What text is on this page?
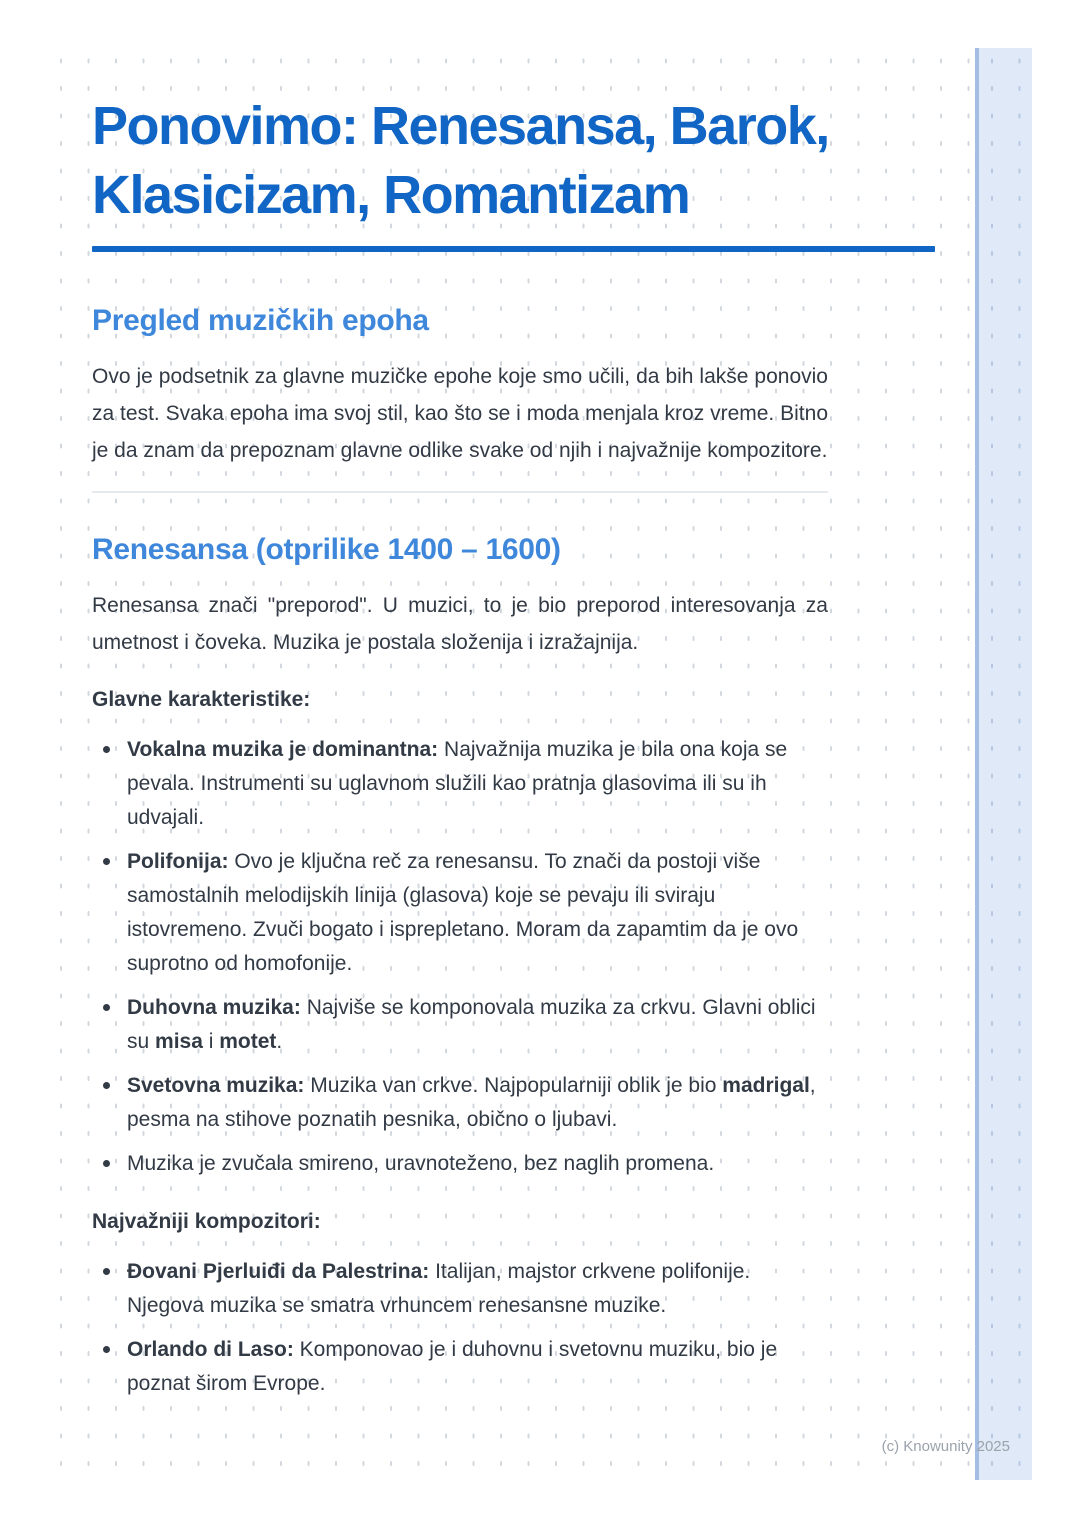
Ponovimo: Renesansa, Barok,
Klasicizam, Romantizam
Pregled muzičkih epoha

Ovo je podsetnik za glavne muzičke epohe koje smo učili, da bih lakše ponovio za test. Svaka epoha ima svoj stil, kao što se i moda menjala kroz vreme. Bitno je da znam da prepoznam glavne odlike svake od njih i najvažnije kompozitore.

Renesansa (otprilike 1400 – 1600)

Renesansa znači "preporod". U muzici, to je bio preporod interesovanja za umetnost i čoveka. Muzika je postala složenija i izražajnija.

Glavne karakteristike:
Vokalna muzika je dominantna: Najvažnija muzika je bila ona koja se pevala. Instrumenti su uglavnom služili kao pratnja glasovima ili su ih udvajali.
Polifonija: Ovo je ključna reč za renesansu. To znači da postoji više samostalnih melodijskih linija (glasova) koje se pevaju ili sviraju istovremeno. Zvuči bogato i isprepletano. Moram da zapamtim da je ovo suprotno od homofonije.
Duhovna muzika: Najviše se komponovala muzika za crkvu. Glavni oblici su misa i motet.
Svetovna muzika: Muzika van crkve. Najpopularniji oblik je bio madrigal, pesma na stihove poznatih pesnika, obično o ljubavi.
Muzika je zvučala smireno, uravnoteženo, bez naglih promena.
Najvažniji kompozitori:
Đovani Pjerluiđi da Palestrina: Italijan, majstor crkvene polifonije. Njegova muzika se smatra vrhuncem renesansne muzike.
Orlando di Laso: Komponovao je i duhovnu i svetovnu muziku, bio je poznat širom Evrope.
(c) Knowunity 2025
